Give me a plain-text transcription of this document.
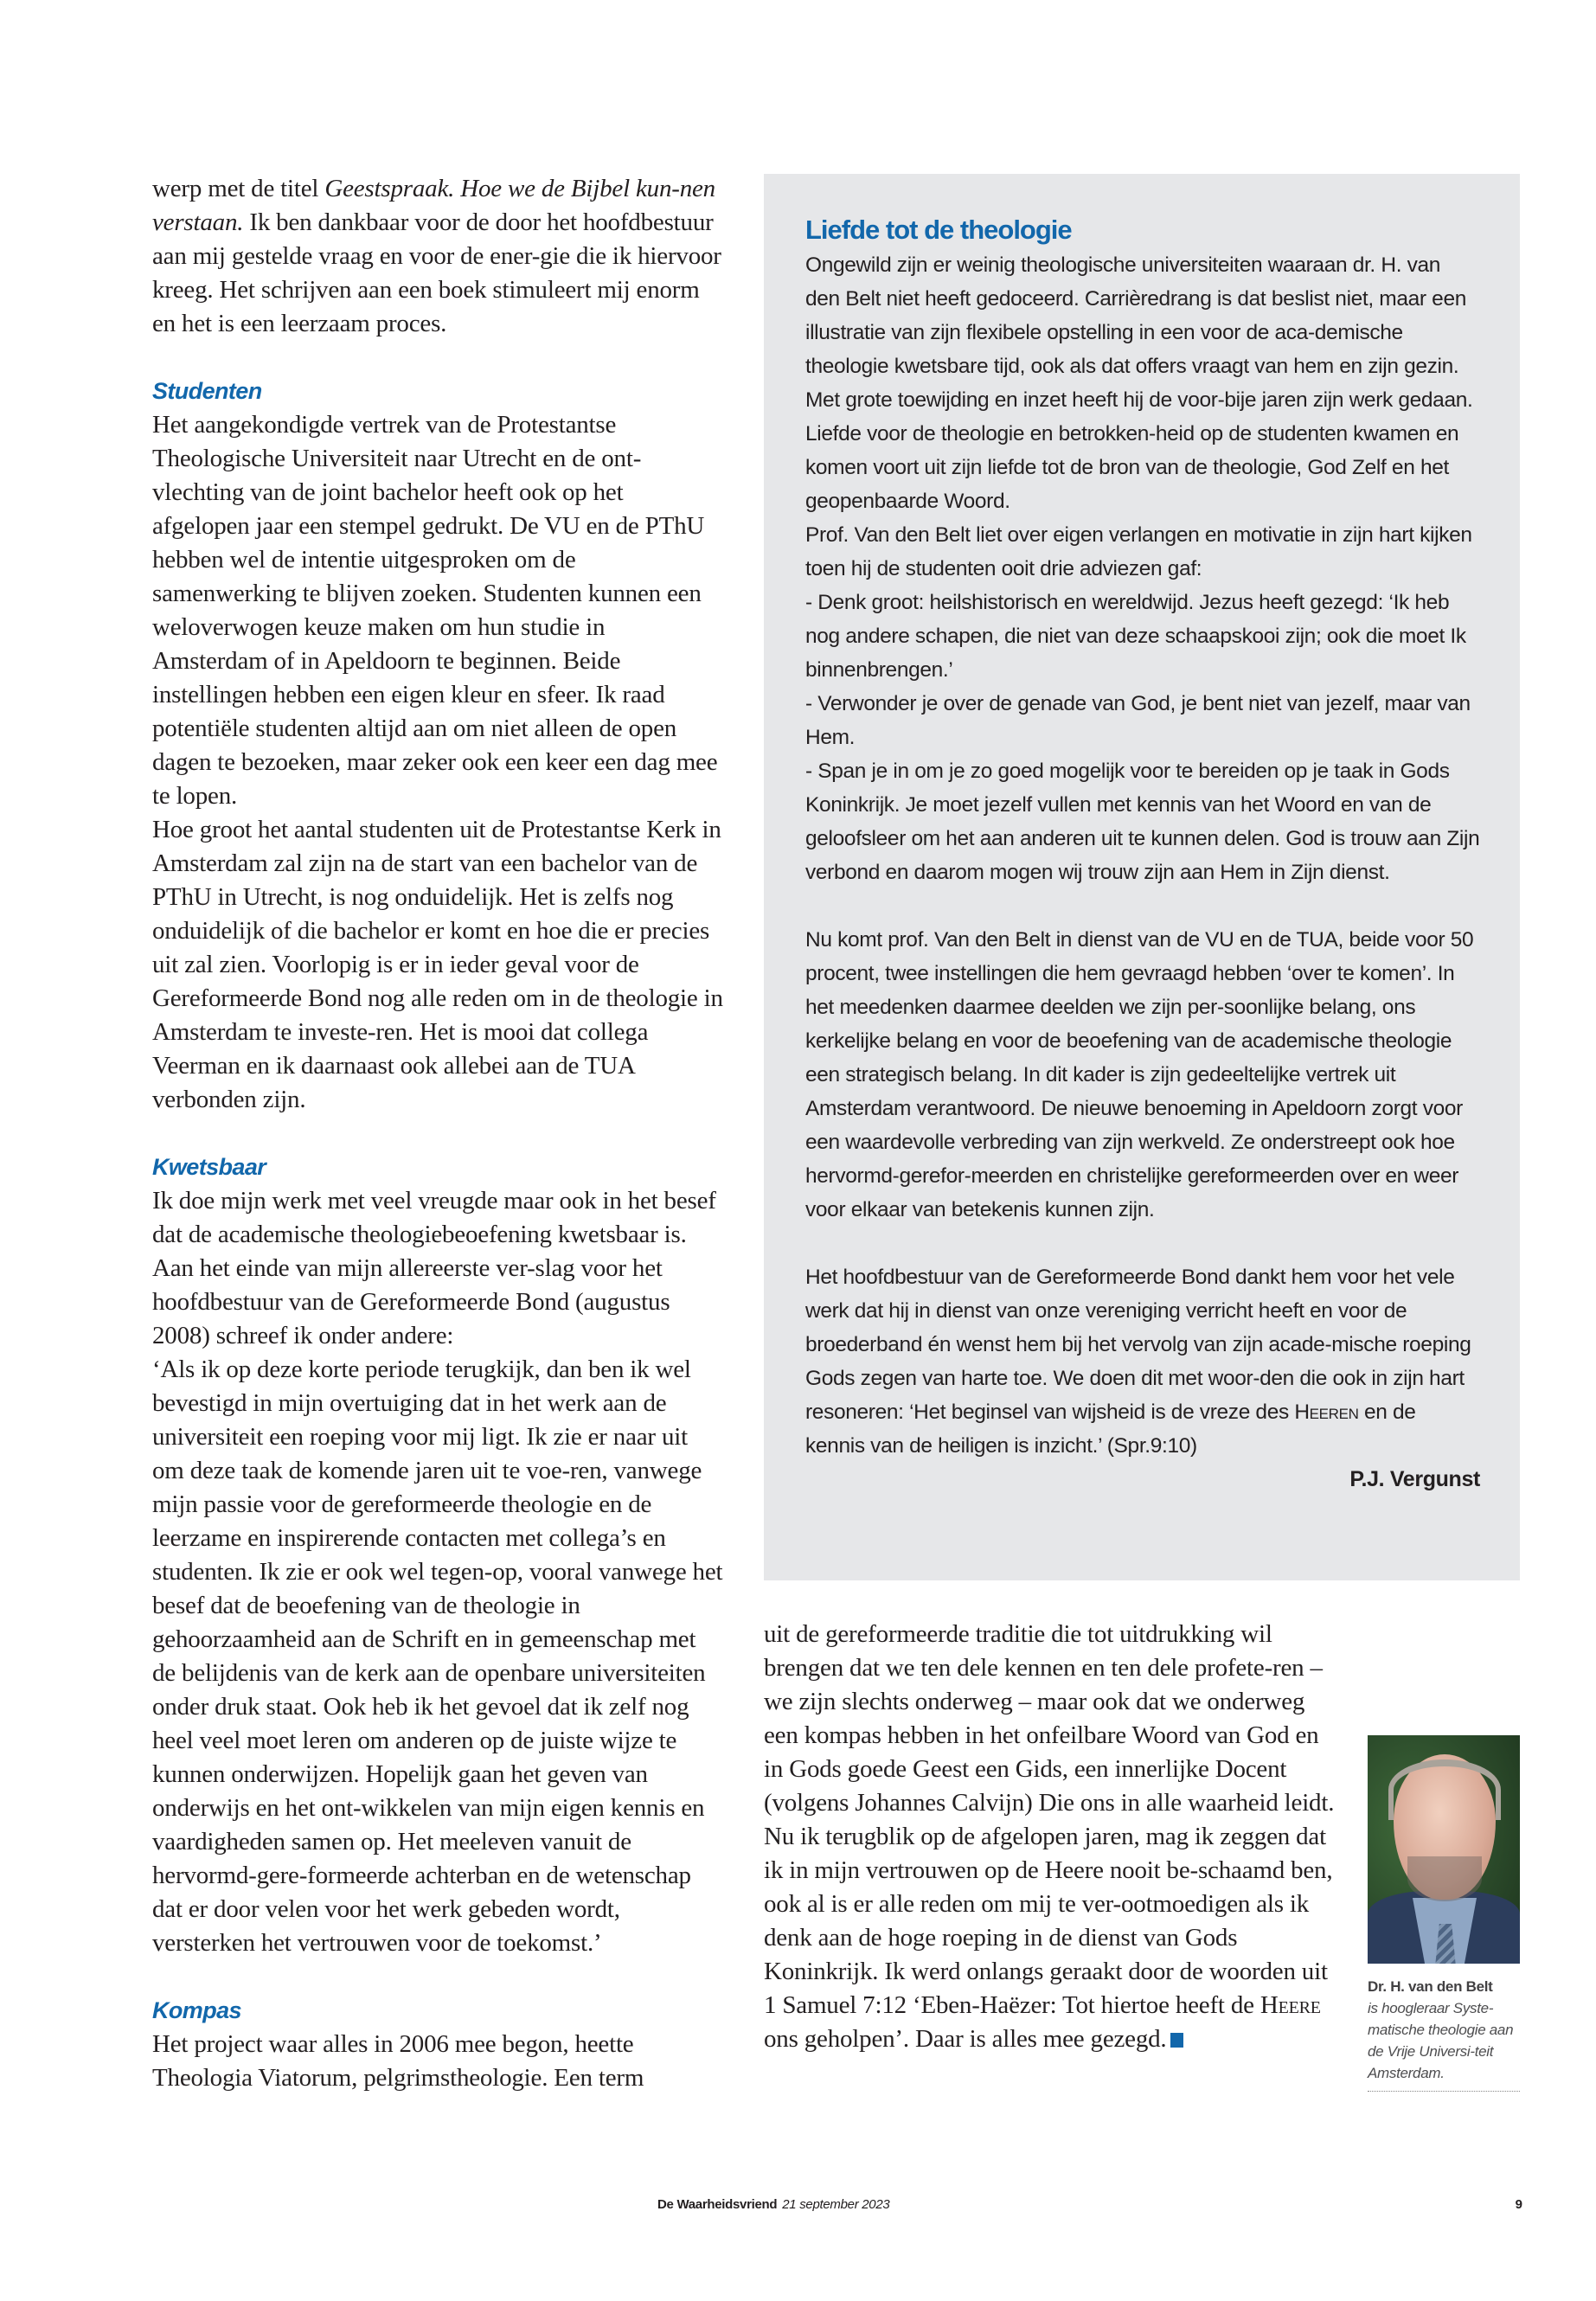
werp met de titel Geestspraak. Hoe we de Bijbel kun-nen verstaan. Ik ben dankbaar voor de door het hoofdbestuur aan mij gestelde vraag en voor de ener-gie die ik hiervoor kreeg. Het schrijven aan een boek stimuleert mij enorm en het is een leerzaam proces.

Studenten

Het aangekondigde vertrek van de Protestantse Theologische Universiteit naar Utrecht en de ont-vlechting van de joint bachelor heeft ook op het afgelopen jaar een stempel gedrukt. De VU en de PThU hebben wel de intentie uitgesproken om de samenwerking te blijven zoeken. Studenten kunnen een weloverwogen keuze maken om hun studie in Amsterdam of in Apeldoorn te beginnen. Beide instellingen hebben een eigen kleur en sfeer. Ik raad potentiële studenten altijd aan om niet alleen de open dagen te bezoeken, maar zeker ook een keer een dag mee te lopen.

Hoe groot het aantal studenten uit de Protestantse Kerk in Amsterdam zal zijn na de start van een bachelor van de PThU in Utrecht, is nog onduidelijk. Het is zelfs nog onduidelijk of die bachelor er komt en hoe die er precies uit zal zien. Voorlopig is er in ieder geval voor de Gereformeerde Bond nog alle reden om in de theologie in Amsterdam te investe-ren. Het is mooi dat collega Veerman en ik daarnaast ook allebei aan de TUA verbonden zijn.

Kwetsbaar

Ik doe mijn werk met veel vreugde maar ook in het besef dat de academische theologiebeoefening kwetsbaar is. Aan het einde van mijn allereerste ver-slag voor het hoofdbestuur van de Gereformeerde Bond (augustus 2008) schreef ik onder andere:

‘Als ik op deze korte periode terugkijk, dan ben ik wel bevestigd in mijn overtuiging dat in het werk aan de universiteit een roeping voor mij ligt. Ik zie er naar uit om deze taak de komende jaren uit te voe-ren, vanwege mijn passie voor de gereformeerde theologie en de leerzame en inspirerende contacten met collega’s en studenten. Ik zie er ook wel tegen-op, vooral vanwege het besef dat de beoefening van de theologie in gehoorzaamheid aan de Schrift en in gemeenschap met de belijdenis van de kerk aan de openbare universiteiten onder druk staat. Ook heb ik het gevoel dat ik zelf nog heel veel moet leren om anderen op de juiste wijze te kunnen onderwijzen. Hopelijk gaan het geven van onderwijs en het ont-wikkelen van mijn eigen kennis en vaardigheden samen op. Het meeleven vanuit de hervormd-gere-formeerde achterban en de wetenschap dat er door velen voor het werk gebeden wordt, versterken het vertrouwen voor de toekomst.’

Kompas

Het project waar alles in 2006 mee begon, heette Theologia Viatorum, pelgrimstheologie. Een term

Liefde tot de theologie

Ongewild zijn er weinig theologische universiteiten waaraan dr. H. van den Belt niet heeft gedoceerd. Carrièredrang is dat beslist niet, maar een illustratie van zijn flexibele opstelling in een voor de aca-demische theologie kwetsbare tijd, ook als dat offers vraagt van hem en zijn gezin. Met grote toewijding en inzet heeft hij de voor-bije jaren zijn werk gedaan. Liefde voor de theologie en betrokken-heid op de studenten kwamen en komen voort uit zijn liefde tot de bron van de theologie, God Zelf en het geopenbaarde Woord.

Prof. Van den Belt liet over eigen verlangen en motivatie in zijn hart kijken toen hij de studenten ooit drie adviezen gaf:

- Denk groot: heilshistorisch en wereldwijd. Jezus heeft gezegd: ‘Ik heb nog andere schapen, die niet van deze schaapskooi zijn; ook die moet Ik binnenbrengen.’

- Verwonder je over de genade van God, je bent niet van jezelf, maar van Hem.

- Span je in om je zo goed mogelijk voor te bereiden op je taak in Gods Koninkrijk. Je moet jezelf vullen met kennis van het Woord en van de geloofsleer om het aan anderen uit te kunnen delen. God is trouw aan Zijn verbond en daarom mogen wij trouw zijn aan Hem in Zijn dienst.

Nu komt prof. Van den Belt in dienst van de VU en de TUA, beide voor 50 procent, twee instellingen die hem gevraagd hebben ‘over te komen’. In het meedenken daarmee deelden we zijn per-soonlijke belang, ons kerkelijke belang en voor de beoefening van de academische theologie een strategisch belang. In dit kader is zijn gedeeltelijke vertrek uit Amsterdam verantwoord. De nieuwe benoeming in Apeldoorn zorgt voor een waardevolle verbreding van zijn werkveld. Ze onderstreept ook hoe hervormd-gerefor-meerden en christelijke gereformeerden over en weer voor elkaar van betekenis kunnen zijn.

Het hoofdbestuur van de Gereformeerde Bond dankt hem voor het vele werk dat hij in dienst van onze vereniging verricht heeft en voor de broederband én wenst hem bij het vervolg van zijn acade-mische roeping Gods zegen van harte toe. We doen dit met woor-den die ook in zijn hart resoneren: ‘Het beginsel van wijsheid is de vreze des Heeren en de kennis van de heiligen is inzicht.’ (Spr.9:10)

P.J. Vergunst

uit de gereformeerde traditie die tot uitdrukking wil brengen dat we ten dele kennen en ten dele profete-ren – we zijn slechts onderweg – maar ook dat we onderweg een kompas hebben in het onfeilbare Woord van God en in Gods goede Geest een Gids, een innerlijke Docent (volgens Johannes Calvijn) Die ons in alle waarheid leidt.

Nu ik terugblik op de afgelopen jaren, mag ik zeggen dat ik in mijn vertrouwen op de Heere nooit be-schaamd ben, ook al is er alle reden om mij te ver-ootmoedigen als ik denk aan de hoge roeping in de dienst van Gods Koninkrijk. Ik werd onlangs geraakt door de woorden uit 1 Samuel 7:12 ‘Eben-Haëzer: Tot hiertoe heeft de Heere ons geholpen’. Daar is alles mee gezegd.

Dr. H. van den Belt
is hoogleraar Syste-matische theologie aan de Vrije Universi-teit Amsterdam.
De Waarheidsvriend 21 september 2023	9
